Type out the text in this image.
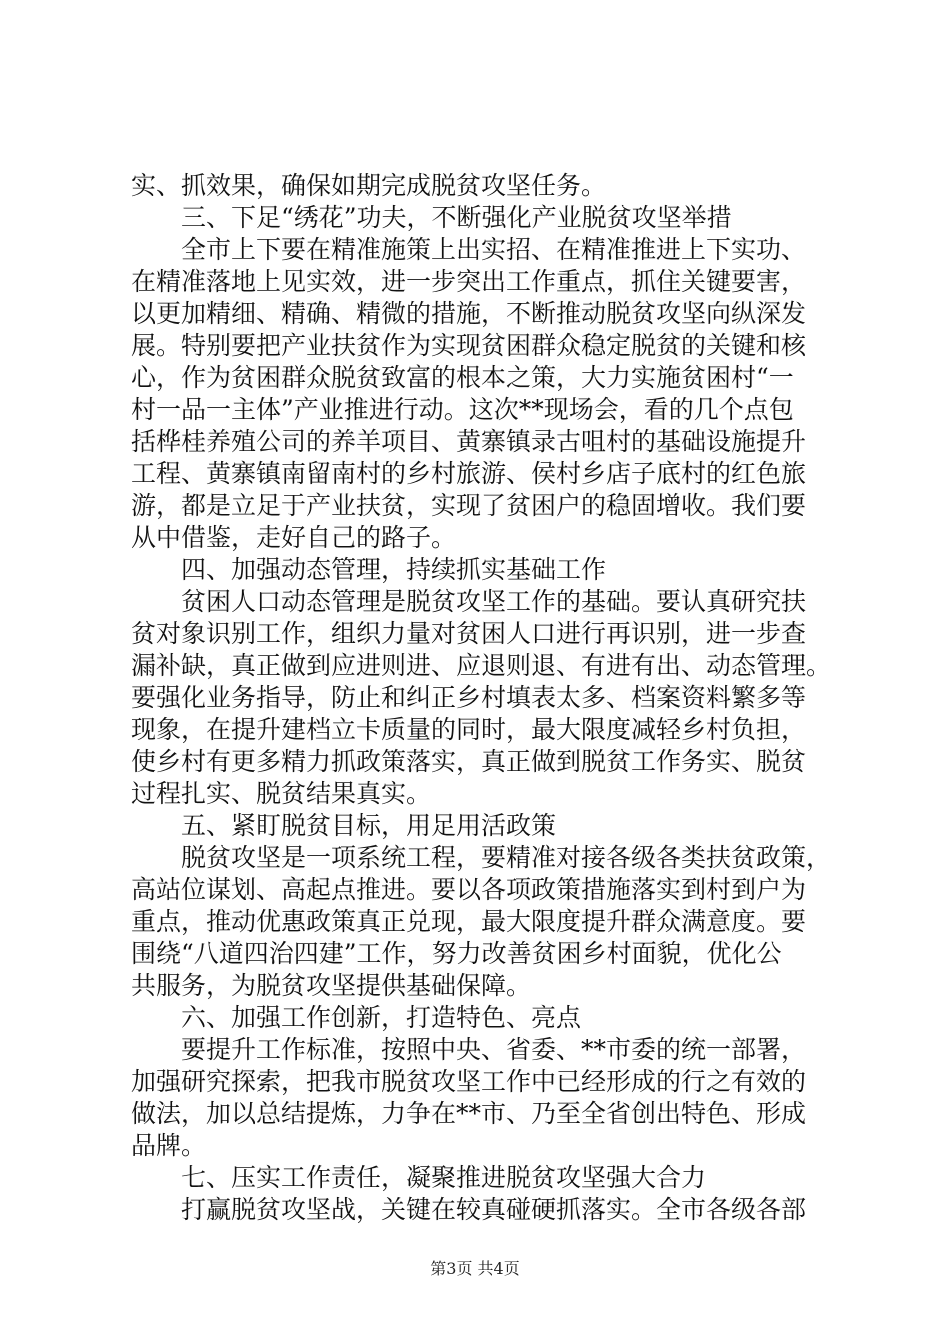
实、抓效果，确保如期完成脱贫攻坚任务。
三、下足“绣花”功夫，不断强化产业脱贫攻坚举措
全市上下要在精准施策上出实招、在精准推进上下实功、
在精准落地上见实效，进一步突出工作重点，抓住关键要害，
以更加精细、精确、精微的措施，不断推动脱贫攻坚向纵深发
展。特别要把产业扶贫作为实现贫困群众稳定脱贫的关键和核
心，作为贫困群众脱贫致富的根本之策，大力实施贫困村“一
村一品一主体”产业推进行动。这次**现场会，看的几个点包
括桦桂养殖公司的养羊项目、黄寨镇录古咀村的基础设施提升
工程、黄寨镇南留南村的乡村旅游、侯村乡店子底村的红色旅
游，都是立足于产业扶贫，实现了贫困户的稳固增收。我们要
从中借鉴，走好自己的路子。
四、加强动态管理，持续抓实基础工作
贫困人口动态管理是脱贫攻坚工作的基础。要认真研究扶
贫对象识别工作，组织力量对贫困人口进行再识别，进一步查
漏补缺，真正做到应进则进、应退则退、有进有出、动态管理。
要强化业务指导，防止和纠正乡村填表太多、档案资料繁多等
现象，在提升建档立卡质量的同时，最大限度减轻乡村负担，
使乡村有更多精力抓政策落实，真正做到脱贫工作务实、脱贫
过程扎实、脱贫结果真实。
五、紧盯脱贫目标，用足用活政策
脱贫攻坚是一项系统工程，要精准对接各级各类扶贫政策，
高站位谋划、高起点推进。要以各项政策措施落实到村到户为
重点，推动优惠政策真正兑现，最大限度提升群众满意度。要
围绕“八道四治四建”工作，努力改善贫困乡村面貌，优化公
共服务，为脱贫攻坚提供基础保障。
六、加强工作创新，打造特色、亮点
要提升工作标准，按照中央、省委、**市委的统一部署，
加强研究探索，把我市脱贫攻坚工作中已经形成的行之有效的
做法，加以总结提炼，力争在**市、乃至全省创出特色、形成
品牌。
七、压实工作责任，凝聚推进脱贫攻坚强大合力
打赢脱贫攻坚战，关键在较真碰硬抓落实。全市各级各部
第3页 共4页
